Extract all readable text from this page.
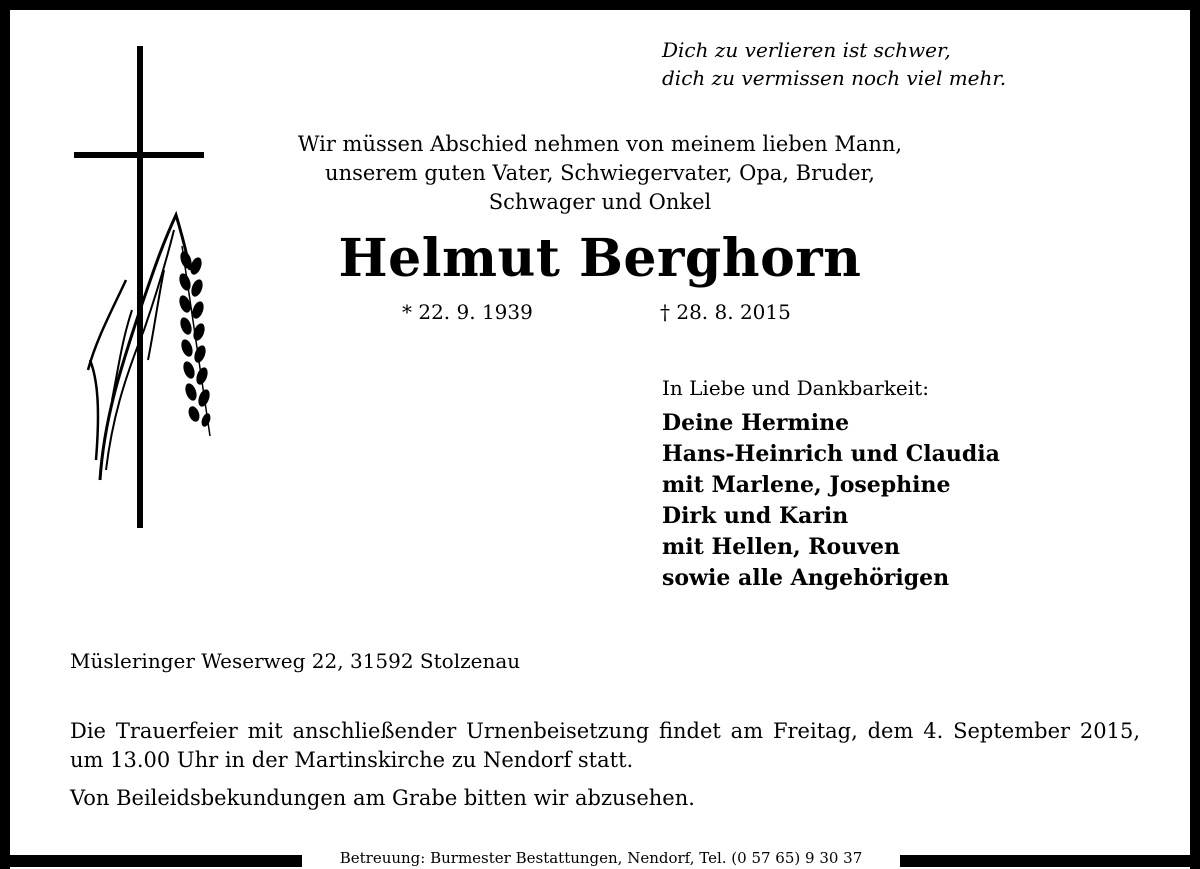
Dich zu verlieren ist schwer,
dich zu vermissen noch viel mehr.
Wir müssen Abschied nehmen von meinem lieben Mann,
unserem guten Vater, Schwiegervater, Opa, Bruder,
Schwager und Onkel
Helmut Berghorn
* 22. 9. 1939	† 28. 8. 2015
In Liebe und Dankbarkeit:
Deine Hermine
Hans-Heinrich und Claudia
mit Marlene, Josephine
Dirk und Karin
mit Hellen, Rouven
sowie alle Angehörigen
Müsleringer Weserweg 22, 31592 Stolzenau
Die Trauerfeier mit anschließender Urnenbeisetzung findet am Freitag, dem 4. September 2015, um 13.00 Uhr in der Martinskirche zu Nendorf statt.
Von Beileidsbekundungen am Grabe bitten wir abzusehen.
Betreuung: Burmester Bestattungen, Nendorf, Tel. (0 57 65) 9 30 37
